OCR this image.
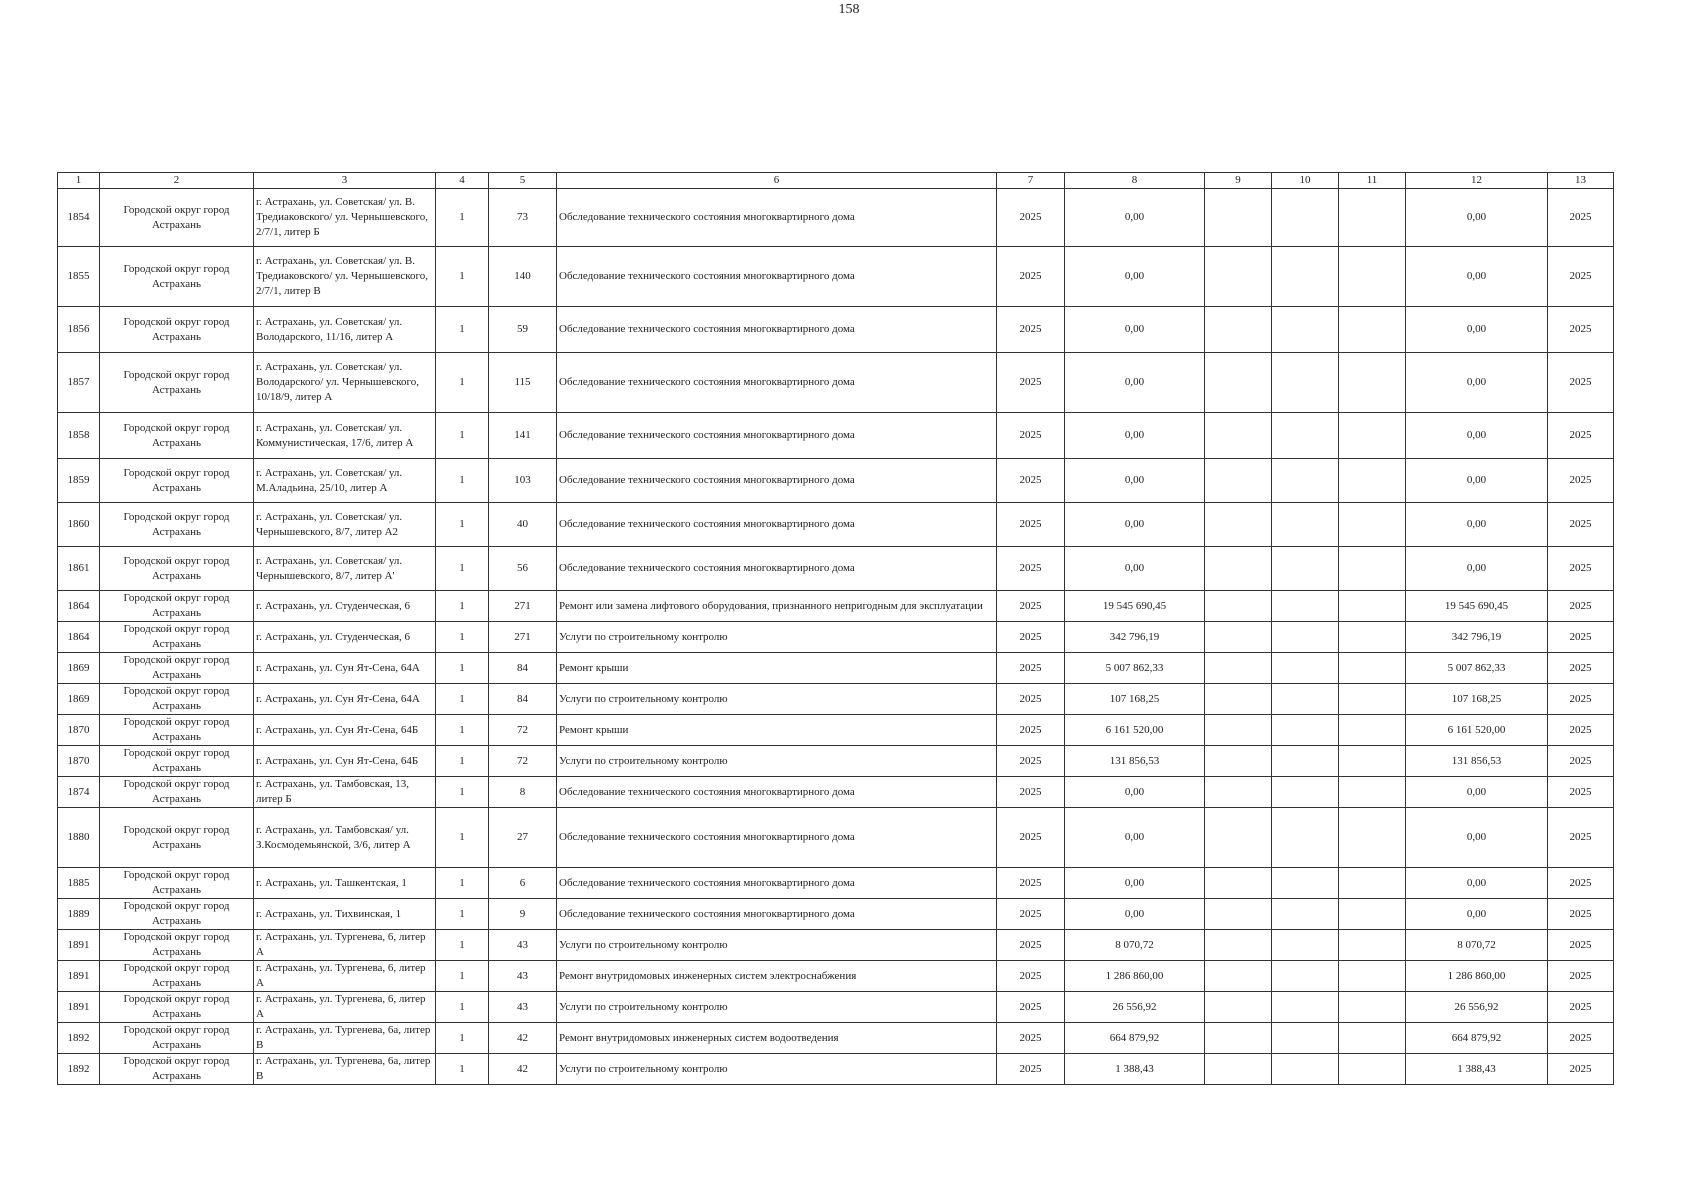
158
1	2	3	4	5	6	7	8	9	10	11	12	13
1854	Городской округ город Астрахань	г. Астрахань, ул. Советская/ ул. В. Тредиаковского/ ул. Чернышевского, 2/7/1, литер Б	1	73	Обследование технического состояния многоквартирного дома	2025	0,00				0,00	2025
1855	Городской округ город Астрахань	г. Астрахань, ул. Советская/ ул. В. Тредиаковского/ ул. Чернышевского, 2/7/1, литер В	1	140	Обследование технического состояния многоквартирного дома	2025	0,00				0,00	2025
1856	Городской округ город Астрахань	г. Астрахань, ул. Советская/ ул. Володарского, 11/16, литер А	1	59	Обследование технического состояния многоквартирного дома	2025	0,00				0,00	2025
1857	Городской округ город Астрахань	г. Астрахань, ул. Советская/ ул. Володарского/ ул. Чернышевского, 10/18/9, литер А	1	115	Обследование технического состояния многоквартирного дома	2025	0,00				0,00	2025
1858	Городской округ город Астрахань	г. Астрахань, ул. Советская/ ул. Коммунистическая, 17/6, литер А	1	141	Обследование технического состояния многоквартирного дома	2025	0,00				0,00	2025
1859	Городской округ город Астрахань	г. Астрахань, ул. Советская/ ул. М.Аладьина, 25/10, литер А	1	103	Обследование технического состояния многоквартирного дома	2025	0,00				0,00	2025
1860	Городской округ город Астрахань	г. Астрахань, ул. Советская/ ул. Чернышевского, 8/7, литер А2	1	40	Обследование технического состояния многоквартирного дома	2025	0,00				0,00	2025
1861	Городской округ город Астрахань	г. Астрахань, ул. Советская/ ул. Чернышевского, 8/7, литер А'	1	56	Обследование технического состояния многоквартирного дома	2025	0,00				0,00	2025
1864	Городской округ город Астрахань	г. Астрахань, ул. Студенческая, 6	1	271	Ремонт или замена лифтового оборудования, признанного непригодным для эксплуатации	2025	19 545 690,45				19 545 690,45	2025
1864	Городской округ город Астрахань	г. Астрахань, ул. Студенческая, 6	1	271	Услуги по строительному контролю	2025	342 796,19				342 796,19	2025
1869	Городской округ город Астрахань	г. Астрахань, ул. Сун Ят-Сена, 64А	1	84	Ремонт крыши	2025	5 007 862,33				5 007 862,33	2025
1869	Городской округ город Астрахань	г. Астрахань, ул. Сун Ят-Сена, 64А	1	84	Услуги по строительному контролю	2025	107 168,25				107 168,25	2025
1870	Городской округ город Астрахань	г. Астрахань, ул. Сун Ят-Сена, 64Б	1	72	Ремонт крыши	2025	6 161 520,00				6 161 520,00	2025
1870	Городской округ город Астрахань	г. Астрахань, ул. Сун Ят-Сена, 64Б	1	72	Услуги по строительному контролю	2025	131 856,53				131 856,53	2025
1874	Городской округ город Астрахань	г. Астрахань, ул. Тамбовская, 13, литер Б	1	8	Обследование технического состояния многоквартирного дома	2025	0,00				0,00	2025
1880	Городской округ город Астрахань	г. Астрахань, ул. Тамбовская/ ул. З.Космодемьянской, 3/6, литер А	1	27	Обследование технического состояния многоквартирного дома	2025	0,00				0,00	2025
1885	Городской округ город Астрахань	г. Астрахань, ул. Ташкентская, 1	1	6	Обследование технического состояния многоквартирного дома	2025	0,00				0,00	2025
1889	Городской округ город Астрахань	г. Астрахань, ул. Тихвинская, 1	1	9	Обследование технического состояния многоквартирного дома	2025	0,00				0,00	2025
1891	Городской округ город Астрахань	г. Астрахань, ул. Тургенева, 6, литер А	1	43	Услуги по строительному контролю	2025	8 070,72				8 070,72	2025
1891	Городской округ город Астрахань	г. Астрахань, ул. Тургенева, 6, литер А	1	43	Ремонт внутридомовых инженерных систем электроснабжения	2025	1 286 860,00				1 286 860,00	2025
1891	Городской округ город Астрахань	г. Астрахань, ул. Тургенева, 6, литер А	1	43	Услуги по строительному контролю	2025	26 556,92				26 556,92	2025
1892	Городской округ город Астрахань	г. Астрахань, ул. Тургенева, 6а, литер В	1	42	Ремонт внутридомовых инженерных систем водоотведения	2025	664 879,92				664 879,92	2025
1892	Городской округ город Астрахань	г. Астрахань, ул. Тургенева, 6а, литер В	1	42	Услуги по строительному контролю	2025	1 388,43				1 388,43	2025
